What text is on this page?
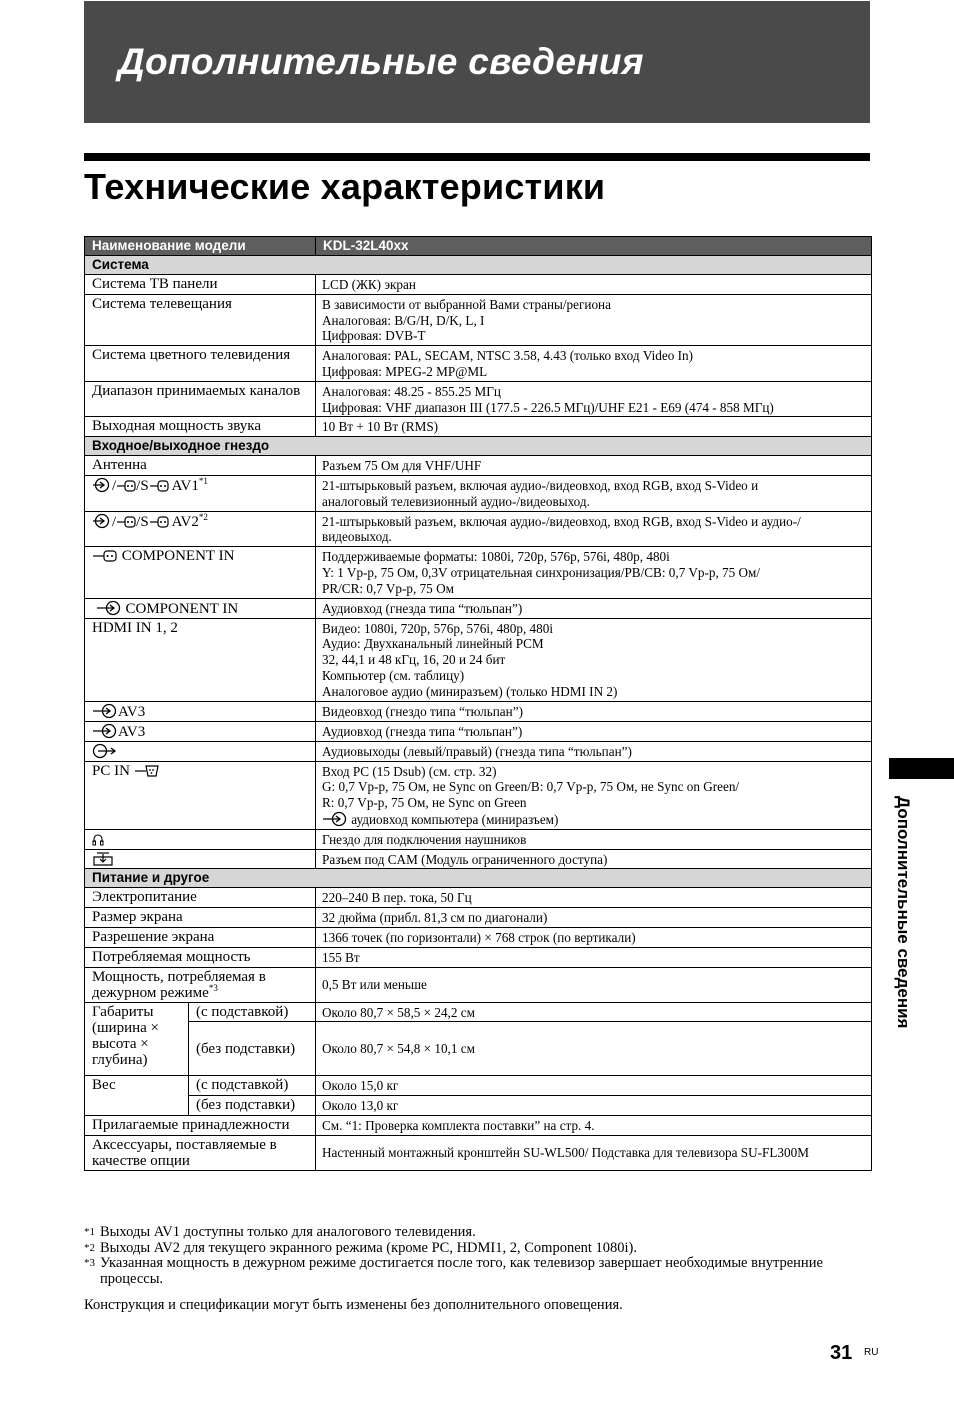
Дополнительные сведения
Технические характеристики
Наименование модели		KDL-32L40xx
Система		
Система ТВ панели		LCD (ЖК) экран
Система телевещания		В зависимости от выбранной Вами страны/региона
Аналоговая: B/G/H, D/K, L, I
Цифровая: DVB-T

Система цветного телевидения		Аналоговая: PAL, SECAM, NTSC 3.58, 4.43 (только вход Video In)
Цифровая: MPEG-2 MP@ML

Диапазон принимаемых каналов		Аналоговая: 48.25 - 855.25 МГц
Цифровая: VHF диапазон III (177.5 - 226.5 МГц)/UHF E21 - E69 (474 - 858 МГц)

Выходная мощность звука		10 Вт + 10 Вт (RMS)
Входное/выходное гнездо		
Антенна		Разъем 75 Ом для VHF/UHF
/ /S AV1$^{*1}$		21-штырьковый разъем, включая аудио-/видеовход, вход RGB, вход S-Video и
аналоговый телевизионный аудио-/видеовыход.

/ /S AV2$^{*2}$		21-штырьковый разъем, включая аудио-/видеовход, вход RGB, вход S-Video и аудио-/
видеовыход.

COMPONENT IN		Поддерживаемые форматы: 1080i, 720p, 576p, 576i, 480p, 480i
Y: 1 Vp-p, 75 Ом, 0,3V отрицательная синхронизация/PB/CB: 0,7 Vp-p, 75 Ом/
PR/CR: 0,7 Vp-p, 75 Ом

COMPONENT IN		Аудиовход (гнезда типа “тюльпан”)
HDMI IN 1, 2		Видео: 1080i, 720p, 576p, 576i, 480p, 480i
Аудио: Двухканальный линейный PCM
32, 44,1 и 48 кГц, 16, 20 и 24 бит
Компьютер (см. таблицу)
Аналоговое аудио (миниразъем) (только HDMI IN 2)

AV3		Видеовход (гнездо типа “тюльпан”)
AV3		Аудиовход (гнезда типа “тюльпан”)
	Аудиовыходы (левый/правый) (гнезда типа “тюльпан”)
PC IN		Вход PC (15 Dsub) (см. стр. 32)
G: 0,7 Vp-p, 75 Ом, не Sync on Green/B: 0,7 Vp-p, 75 Ом, не Sync on Green/
R: 0,7 Vp-p, 75 Ом, не Sync on Green
аудиовход компьютера (миниразъем)

	Гнездо для подключения наушников
	Разъем под CAM (Модуль ограниченного доступа)
Питание и другое		
Электропитание		220–240 В пер. тока, 50 Гц
Размер экрана		32 дюйма (прибл. 81,3 см по диагонали)
Разрешение экрана		1366 точек (по горизонтали) × 768 строк (по вертикали)
Потребляемая мощность		155 Вт
Мощность, потребляемая в дежурном режиме$^{*3}$		0,5 Вт или меньше
Габариты (ширина × высота × глубина)	(с подставкой)	Около 80,7 × 58,5 × 24,2 см
	(без подставки)	Около 80,7 × 54,8 × 10,1 см
Вес	(с подставкой)	Около 15,0 кг
	(без подставки)	Около 13,0 кг
Прилагаемые принадлежности		См. “1: Проверка комплекта поставки” на стр. 4.
Аксессуары, поставляемые в качестве опции		Настенный монтажный кронштейн SU-WL500/ Подставка для телевизора SU-FL300M
*1 Выходы AV1 доступны только для аналогового телевидения.
*2 Выходы AV2 для текущего экранного режима (кроме PC, HDMI1, 2, Component 1080i).
*3 Указанная мощность в дежурном режиме достигается после того, как телевизор завершает необходимые внутренние процессы.
Конструкция и спецификации могут быть изменены без дополнительного оповещения.
Дополнительные сведения
31 RU
